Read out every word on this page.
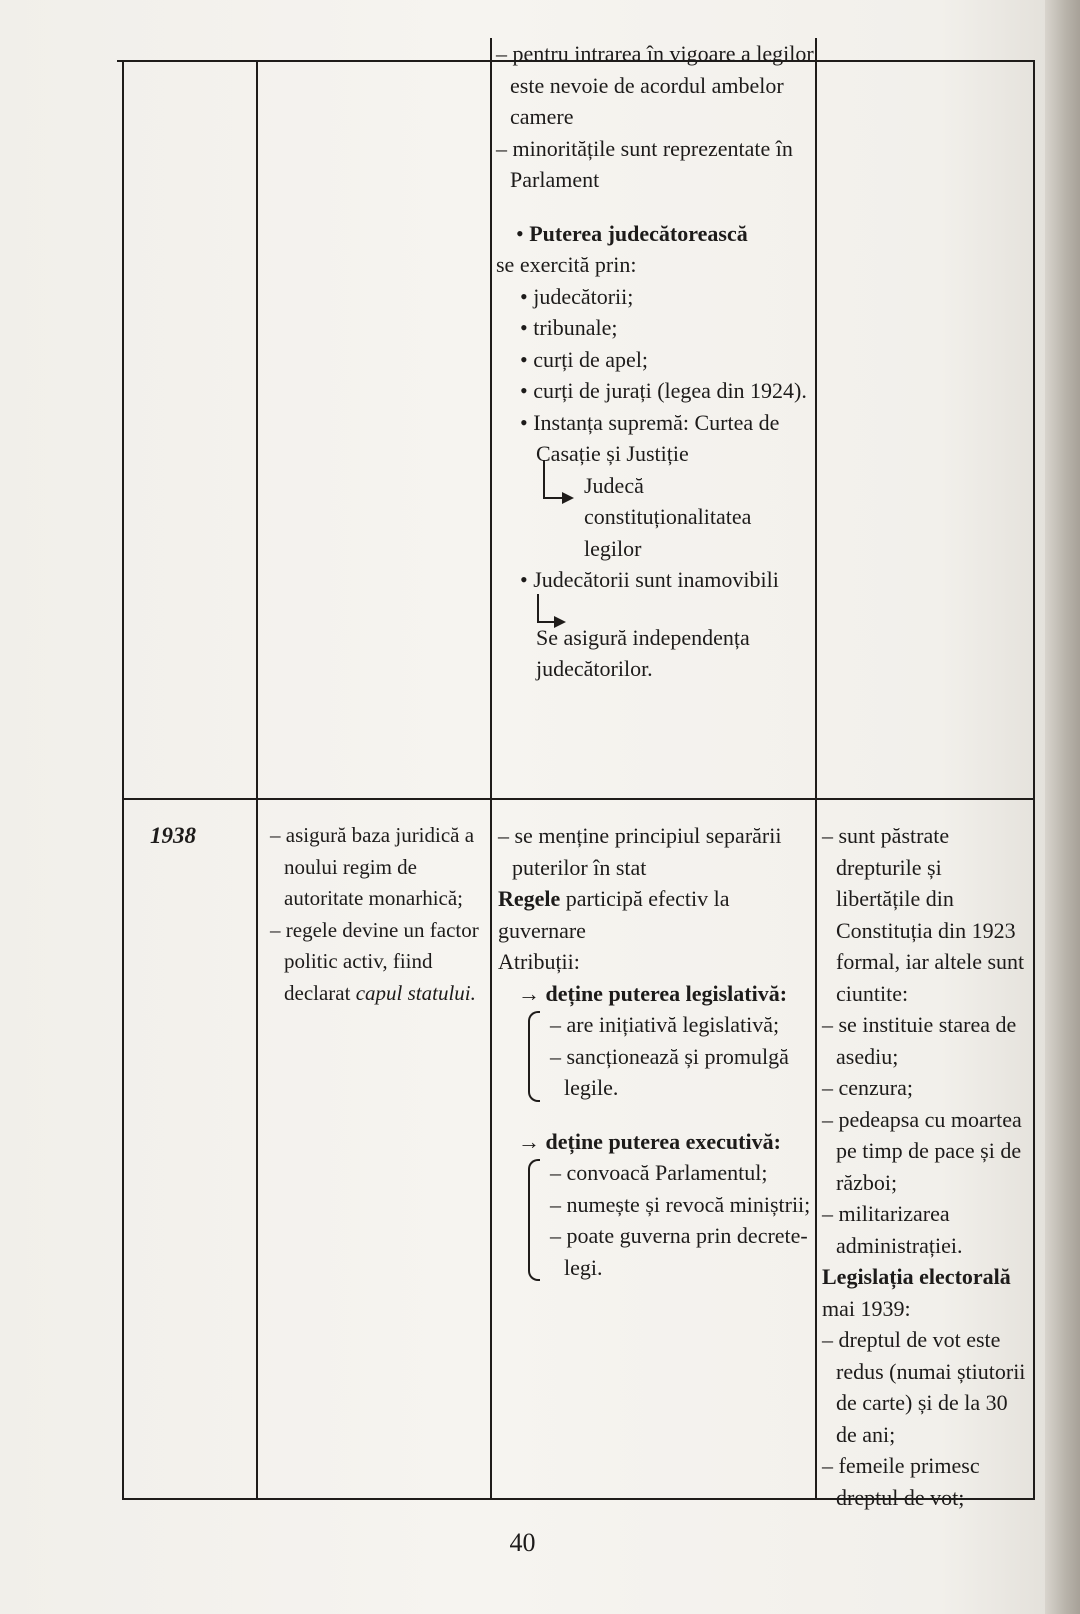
– pentru intrarea în vigoare a legilor este nevoie de acordul ambelor camere
– minoritățile sunt reprezentate în Parlament

• Puterea judecătorească

se exercită prin:

• judecătorii;
• tribunale;
• curți de apel;
• curți de jurați (legea din 1924).
• Instanța supremă: Curtea de Casație și Justiție
Judecă constituționalitatea legilor
• Judecătorii sunt inamovibili
Se asigură independența judecătorilor.
1938	– asigură baza juridică a noului regim de autoritate monarhică;

– regele devine un factor politic activ, fiind declarat capul statului.

– se menține principiul separării puterilor în stat

Regele participă efectiv la guvernare

Atribuții:

→ deține puterea legislativă:

– are inițiativă legislativă;

– sancționează și promulgă legile.

→ deține puterea executivă:

– convoacă Parlamentul;

– numește și revocă miniștrii;

– poate guverna prin decrete-legi.

– sunt păstrate drepturile și libertățile din Constituția din 1923 formal, iar altele sunt ciuntite:

– se instituie starea de asediu;

– cenzura;

– pedeapsa cu moartea pe timp de pace și de război;

– militarizarea administrației.

Legislația electorală

mai 1939:

– dreptul de vot este redus (numai știutorii de carte) și de la 30 de ani;

– femeile primesc dreptul de vot;

40
